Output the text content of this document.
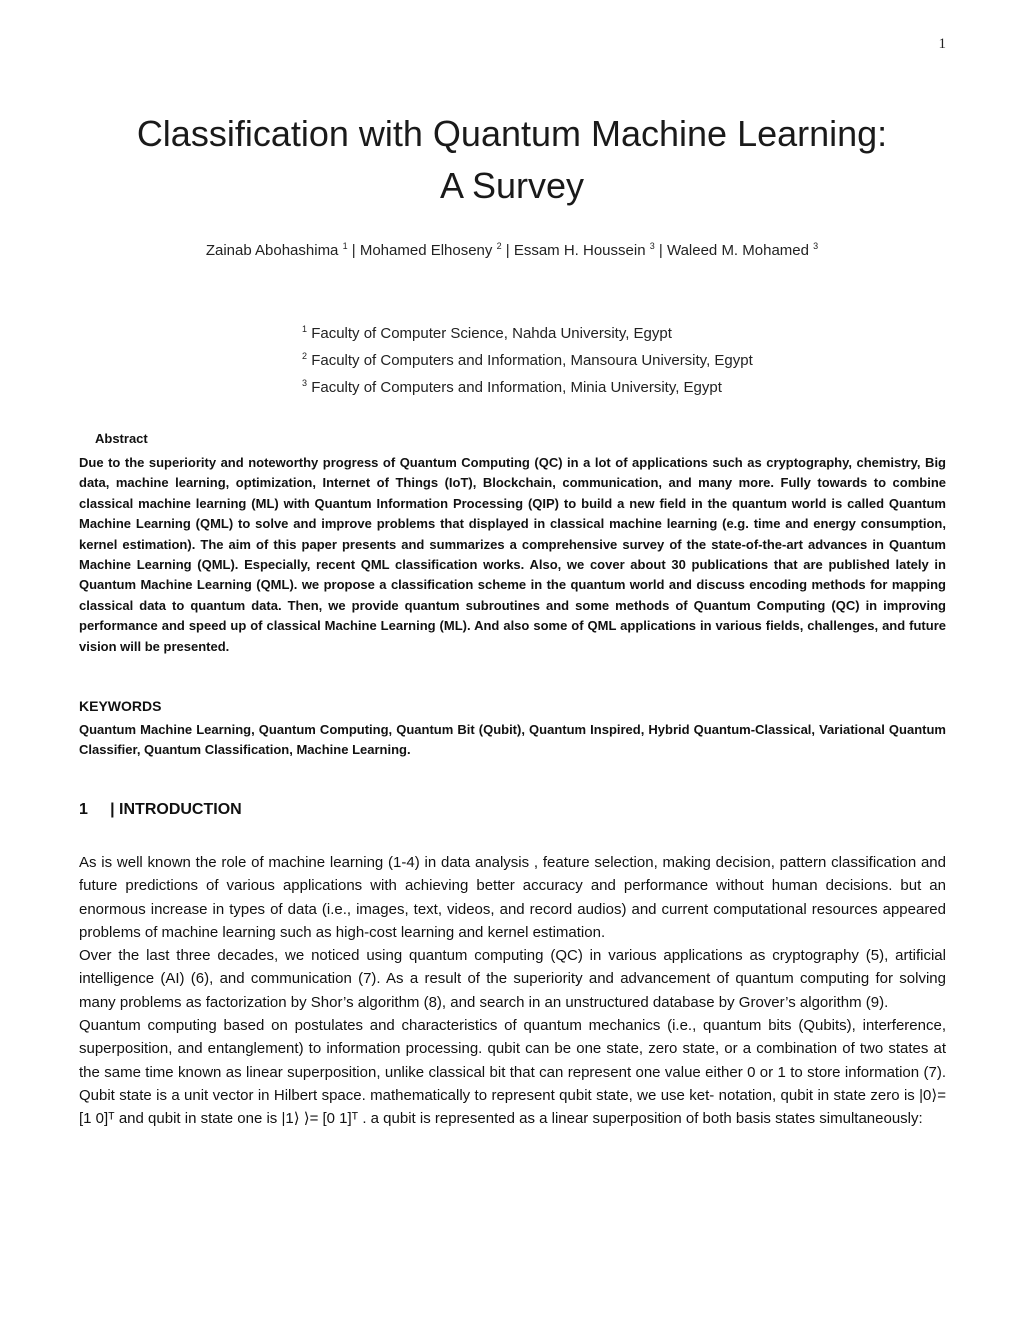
1
Classification with Quantum Machine Learning:
A Survey
Zainab Abohashima $^1$ | Mohamed Elhoseny $^2$ | Essam H. Houssein $^3$ | Waleed M. Mohamed $^3$
$^1$ Faculty of Computer Science, Nahda University, Egypt
$^2$ Faculty of Computers and Information, Mansoura University, Egypt
$^3$ Faculty of Computers and Information, Minia University, Egypt
Abstract

Due to the superiority and noteworthy progress of Quantum Computing (QC) in a lot of applications such as cryptography, chemistry, Big data, machine learning, optimization, Internet of Things (IoT), Blockchain, communication, and many more. Fully towards to combine classical machine learning (ML) with Quantum Information Processing (QIP) to build a new field in the quantum world is called Quantum Machine Learning (QML) to solve and improve problems that displayed in classical machine learning (e.g. time and energy consumption, kernel estimation). The aim of this paper presents and summarizes a comprehensive survey of the state-of-the-art advances in Quantum Machine Learning (QML). Especially, recent QML classification works. Also, we cover about 30 publications that are published lately in Quantum Machine Learning (QML). we propose a classification scheme in the quantum world and discuss encoding methods for mapping classical data to quantum data. Then, we provide quantum subroutines and some methods of Quantum Computing (QC) in improving performance and speed up of classical Machine Learning (ML). And also some of QML applications in various fields, challenges, and future vision will be presented.

KEYWORDS

Quantum Machine Learning, Quantum Computing, Quantum Bit (Qubit), Quantum Inspired, Hybrid Quantum-Classical, Variational Quantum Classifier, Quantum Classification, Machine Learning.

1     | INTRODUCTION

As is well known the role of machine learning (1-4) in data analysis , feature selection, making decision, pattern classification and future predictions of various applications with achieving better accuracy and performance without human decisions. but an enormous increase in types of data (i.e., images, text, videos, and record audios) and current computational resources appeared problems of machine learning such as high-cost learning and kernel estimation.

Over the last three decades, we noticed using quantum computing (QC) in various applications as cryptography (5), artificial intelligence (AI) (6), and communication (7). As a result of the superiority and advancement of quantum computing for solving many problems as factorization by Shor’s algorithm (8), and search in an unstructured database by Grover’s algorithm (9).

Quantum computing based on postulates and characteristics of quantum mechanics (i.e., quantum bits (Qubits), interference, superposition, and entanglement) to information processing. qubit can be one state, zero state, or a combination of two states at the same time known as linear superposition, unlike classical bit that can represent one value either 0 or 1 to store information (7). Qubit state is a unit vector in Hilbert space. mathematically to represent qubit state, we use ket- notation, qubit in state zero is |0⟩= [1 0]ᵀ and qubit in state one is |1⟩ ⟩= [0 1]ᵀ . a qubit is represented as a linear superposition of both basis states simultaneously:
